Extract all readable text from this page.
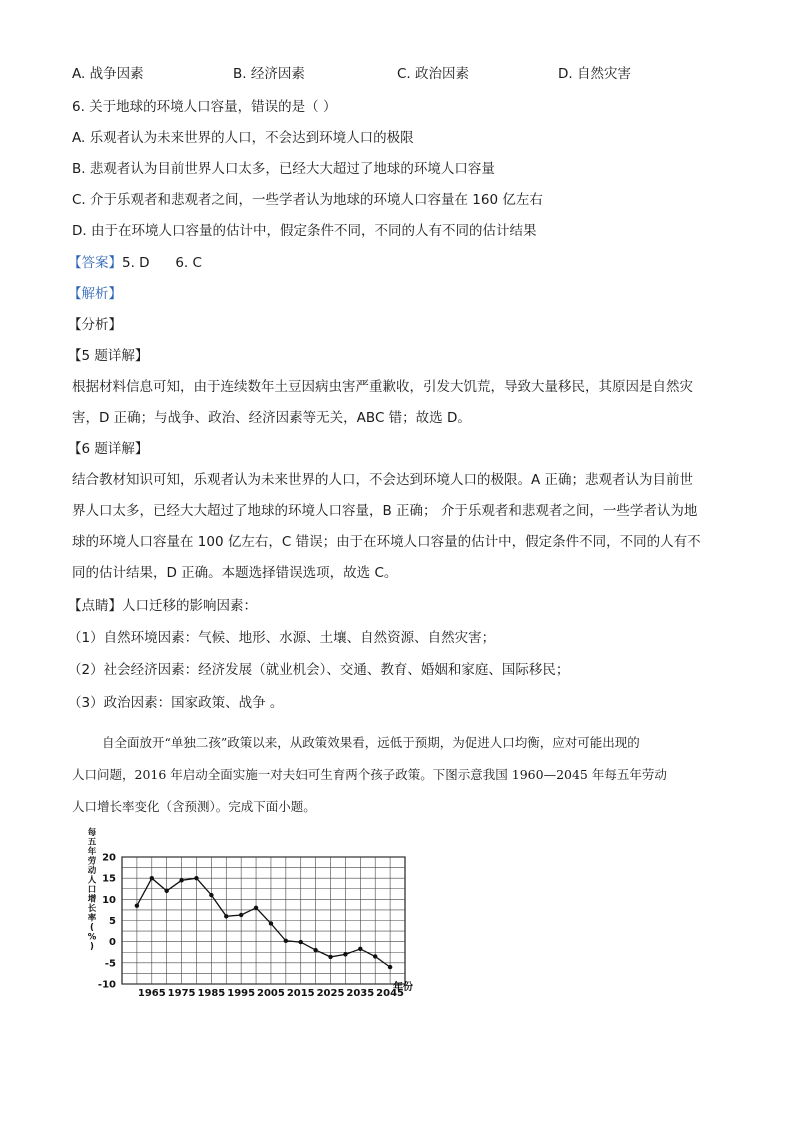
A. 战争因素	B. 经济因素	C. 政治因素	D. 自然灾害
6. 关于地球的环境人口容量，错误的是（ ）
A. 乐观者认为未来世界的人口，不会达到环境人口的极限
B. 悲观者认为目前世界人口太多，已经大大超过了地球的环境人口容量
C. 介于乐观者和悲观者之间，一些学者认为地球的环境人口容量在 160 亿左右
D. 由于在环境人口容量的估计中，假定条件不同，不同的人有不同的估计结果
【答案】5. D      6. C
【解析】
【分析】
【5 题详解】
根据材料信息可知，由于连续数年土豆因病虫害严重歉收，引发大饥荒，导致大量移民，其原因是自然灾
害，D 正确；与战争、政治、经济因素等无关，ABC 错；故选 D。
【6 题详解】
结合教材知识可知，乐观者认为未来世界的人口，不会达到环境人口的极限。A 正确；悲观者认为目前世
界人口太多，已经大大超过了地球的环境人口容量，B 正确； 介于乐观者和悲观者之间，一些学者认为地
球的环境人口容量在 100 亿左右，C 错误；由于在环境人口容量的估计中，假定条件不同，不同的人有不
同的估计结果，D 正确。本题选择错误选项，故选 C。
【点睛】人口迁移的影响因素：
（1）自然环境因素：气候、地形、水源、土壤、自然资源、自然灾害；
（2）社会经济因素：经济发展（就业机会）、交通、教育、婚姻和家庭、国际移民；
（3）政治因素：国家政策、战争 。
自全面放开“单独二孩”政策以来，从政策效果看，远低于预期，为促进人口均衡，应对可能出现的
人口问题，2016 年启动全面实施一对夫妇可生育两个孩子政策。下图示意我国 1960—2045 年每五年劳动
人口增长率变化（含预测）。完成下面小题。
每
五
年
劳
动
人
口
增
长
率
(
%
)
20
15
10
5
0
-5
-10
1965 1975 1985 1995 2005 2015 2025 2035 2045
年份
